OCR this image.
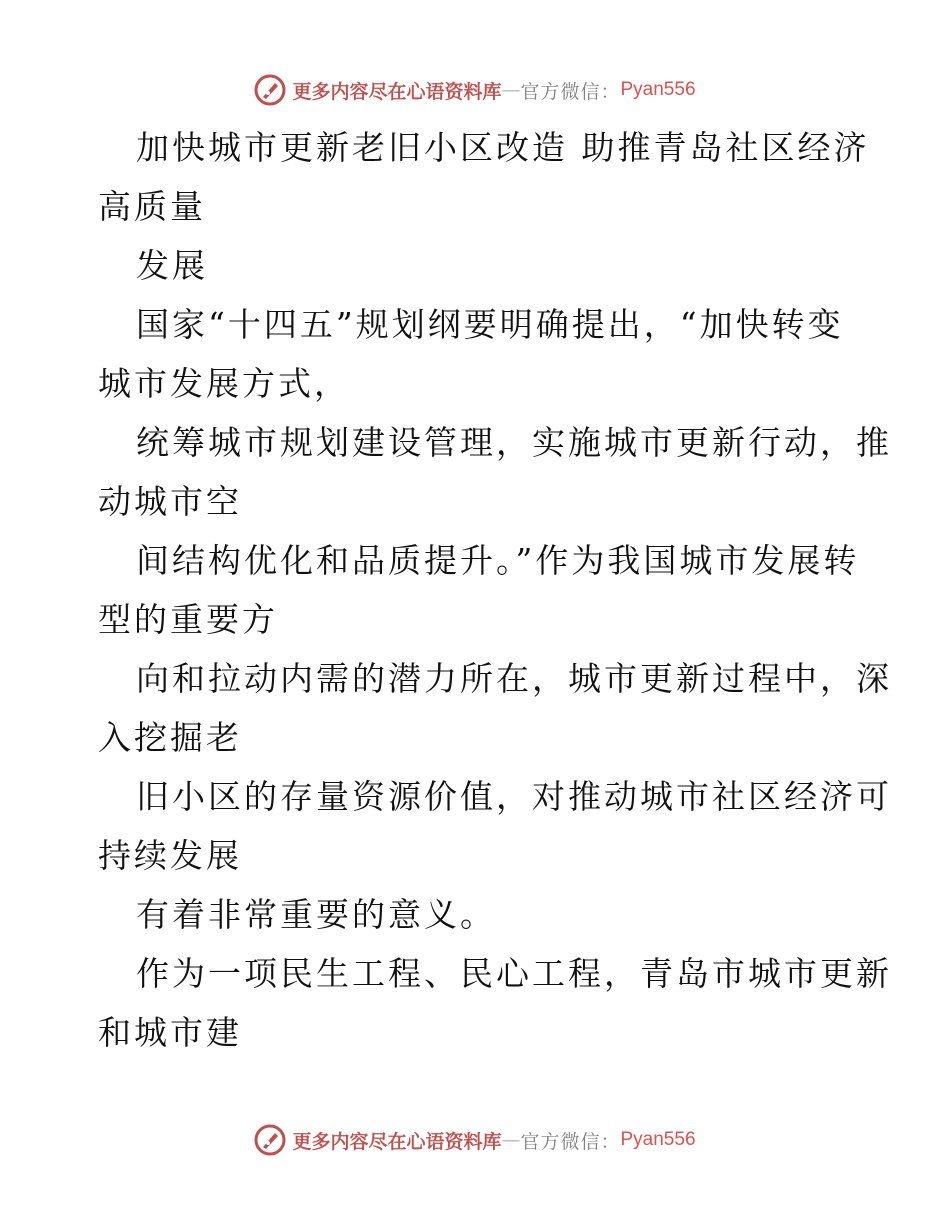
更多内容尽在心语资料库 — 官方微信： Pyan556
加快城市更新老旧小区改造 助推青岛社区经济
高质量
发展
国家“十四五”规划纲要明确提出，“加快转变
城市发展方式，
统筹城市规划建设管理，实施城市更新行动，推
动城市空
间结构优化和品质提升。”作为我国城市发展转
型的重要方
向和拉动内需的潜力所在，城市更新过程中，深
入挖掘老
旧小区的存量资源价值，对推动城市社区经济可
持续发展
有着非常重要的意义。
作为一项民生工程、民心工程，青岛市城市更新
和城市建
更多内容尽在心语资料库 — 官方微信： Pyan556
